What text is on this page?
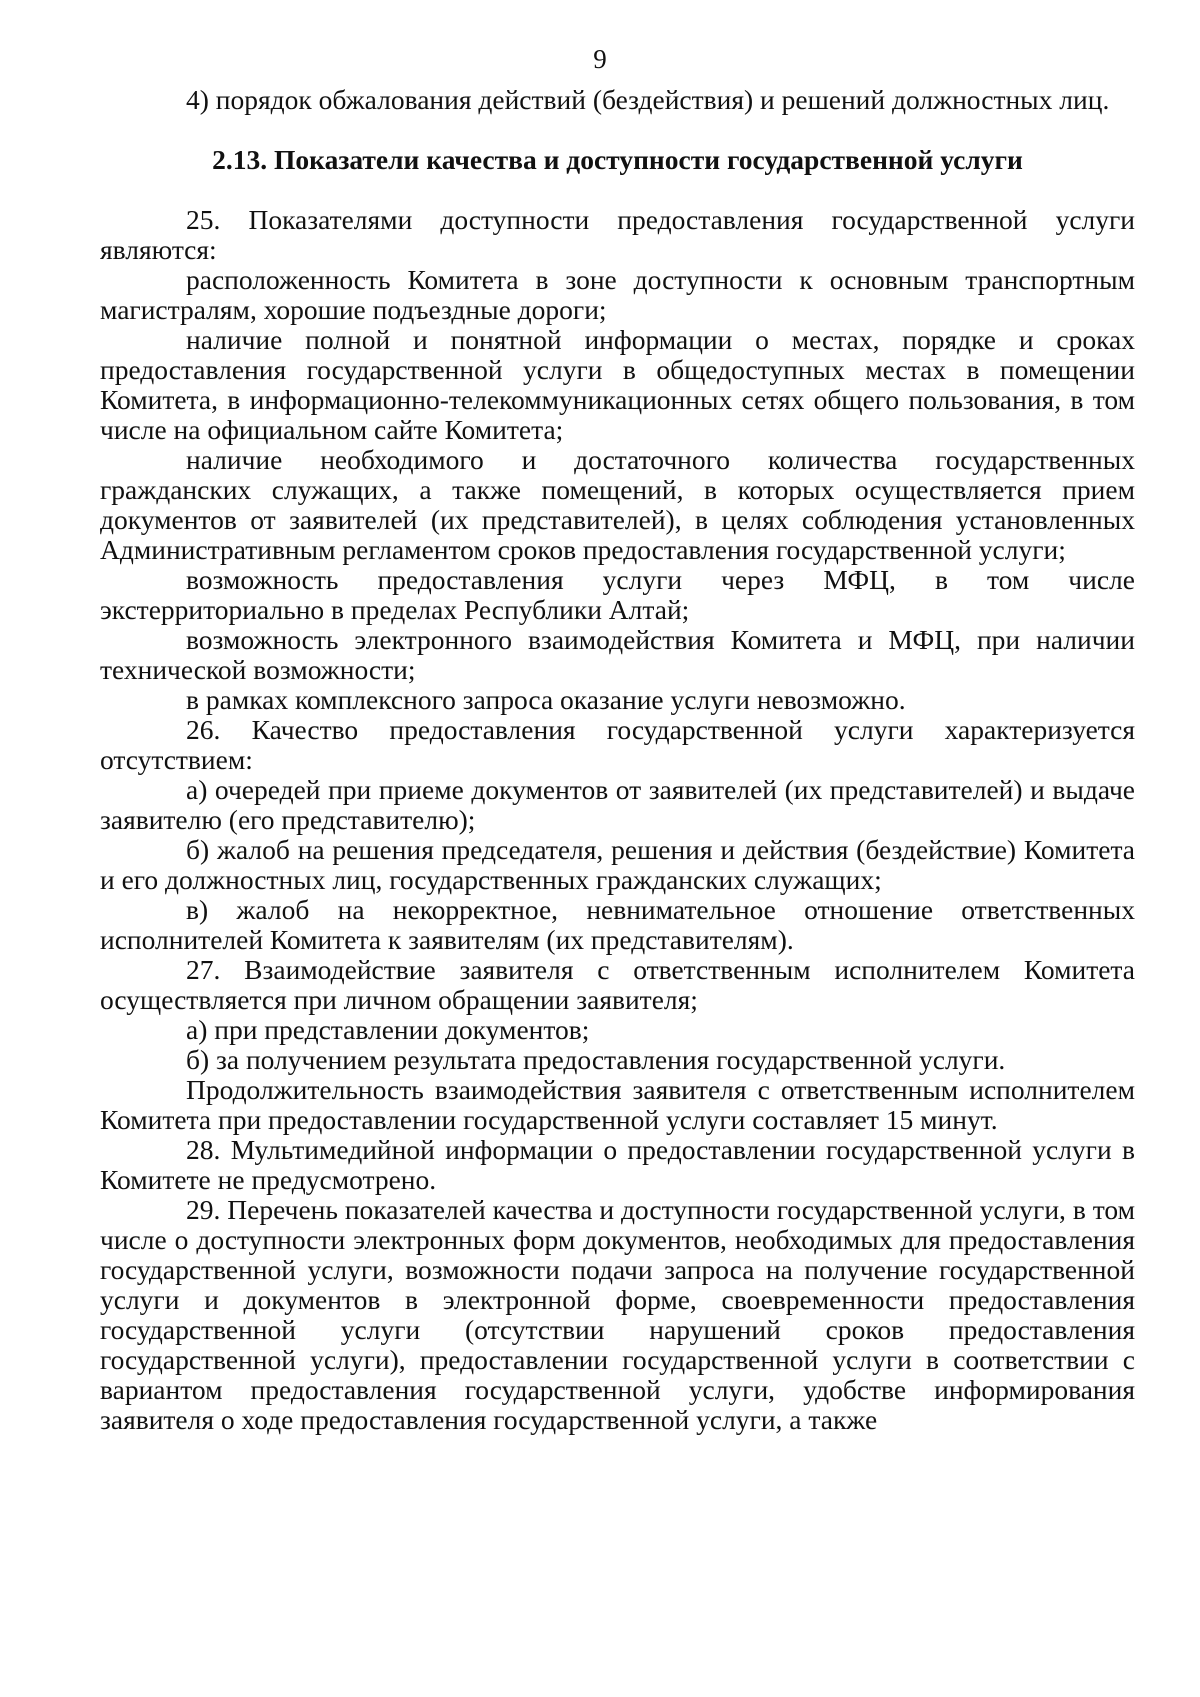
9

4) порядок обжалования действий (бездействия) и решений должностных лиц.

2.13. Показатели качества и доступности государственной услуги

25. Показателями доступности предоставления государственной услуги являются:

расположенность Комитета в зоне доступности к основным транспортным магистралям, хорошие подъездные дороги;

наличие полной и понятной информации о местах, порядке и сроках предоставления государственной услуги в общедоступных местах в помещении Комитета, в информационно-телекоммуникационных сетях общего пользования, в том числе на официальном сайте Комитета;

наличие необходимого и достаточного количества государственных гражданских служащих, а также помещений, в которых осуществляется прием документов от заявителей (их представителей), в целях соблюдения установленных Административным регламентом сроков предоставления государственной услуги;

возможность предоставления услуги через МФЦ, в том числе экстерриториально в пределах Республики Алтай;

возможность электронного взаимодействия Комитета и МФЦ, при наличии технической возможности;

в рамках комплексного запроса оказание услуги невозможно.

26. Качество предоставления государственной услуги характеризуется отсутствием:

а) очередей при приеме документов от заявителей (их представителей) и выдаче заявителю (его представителю);

б) жалоб на решения председателя, решения и действия (бездействие) Комитета и его должностных лиц, государственных гражданских служащих;

в) жалоб на некорректное, невнимательное отношение ответственных исполнителей Комитета к заявителям (их представителям).

27. Взаимодействие заявителя с ответственным исполнителем Комитета осуществляется при личном обращении заявителя;

а) при представлении документов;

б) за получением результата предоставления государственной услуги.

Продолжительность взаимодействия заявителя с ответственным исполнителем Комитета при предоставлении государственной услуги составляет 15 минут.

28. Мультимедийной информации о предоставлении государственной услуги в Комитете не предусмотрено.

29. Перечень показателей качества и доступности государственной услуги, в том числе о доступности электронных форм документов, необходимых для предоставления государственной услуги, возможности подачи запроса на получение государственной услуги и документов в электронной форме, своевременности предоставления государственной услуги (отсутствии нарушений сроков предоставления государственной услуги), предоставлении государственной услуги в соответствии с вариантом предоставления государственной услуги, удобстве информирования заявителя о ходе предоставления государственной услуги, а также
